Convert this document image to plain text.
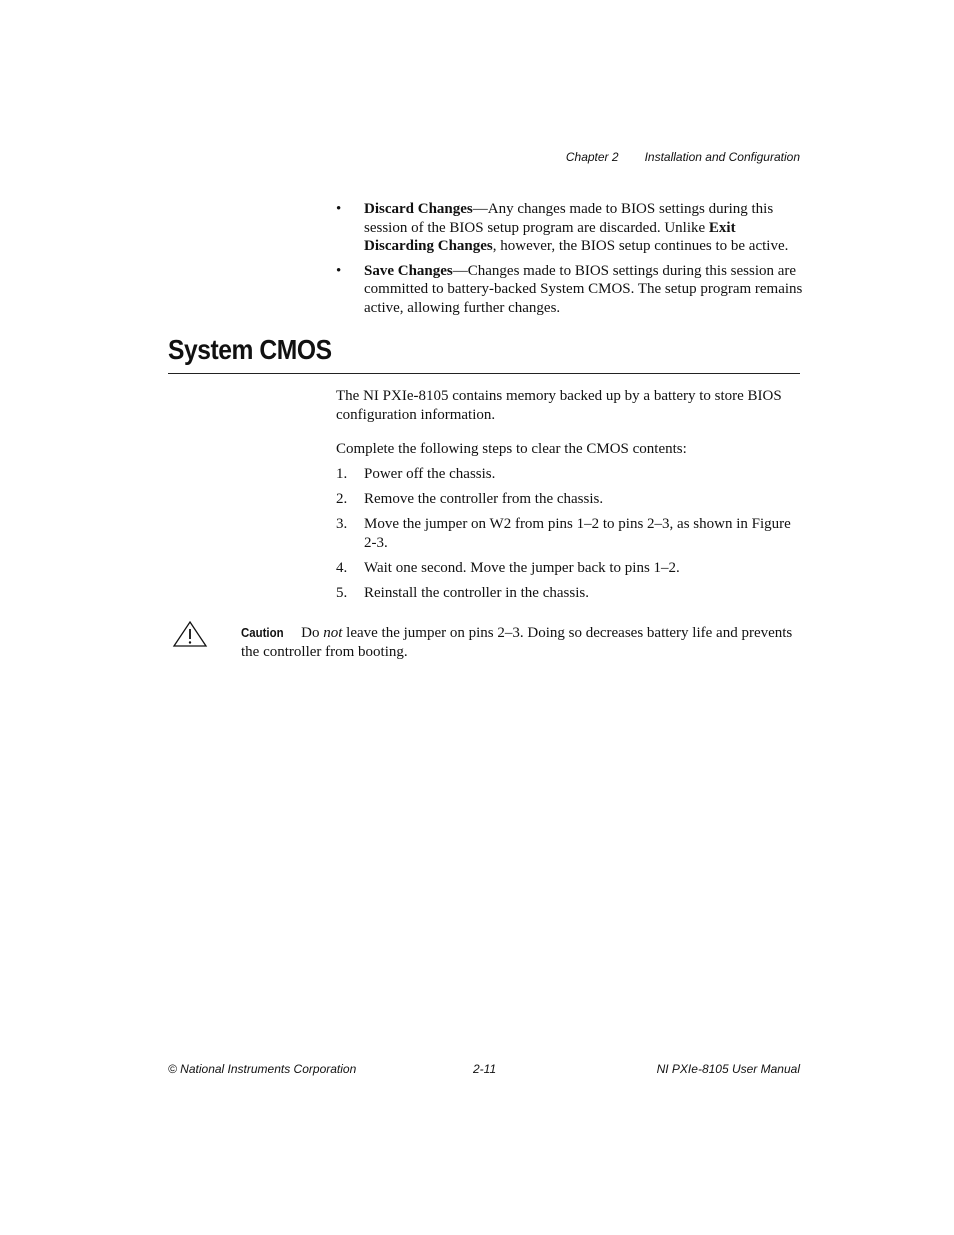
Chapter 2 Installation and Configuration
• Discard Changes—Any changes made to BIOS settings during this session of the BIOS setup program are discarded. Unlike Exit Discarding Changes, however, the BIOS setup continues to be active.
• Save Changes—Changes made to BIOS settings during this session are committed to battery-backed System CMOS. The setup program remains active, allowing further changes.
System CMOS

The NI PXIe-8105 contains memory backed up by a battery to store BIOS configuration information.

Complete the following steps to clear the CMOS contents:

1. Power off the chassis.
2. Remove the controller from the chassis.
3. Move the jumper on W2 from pins 1–2 to pins 2–3, as shown in Figure 2-3.
4. Wait one second. Move the jumper back to pins 1–2.
5. Reinstall the controller in the chassis.
Caution Do not leave the jumper on pins 2–3. Doing so decreases battery life and prevents the controller from booting.
© National Instruments Corporation	2-11	NI PXIe-8105 User Manual
